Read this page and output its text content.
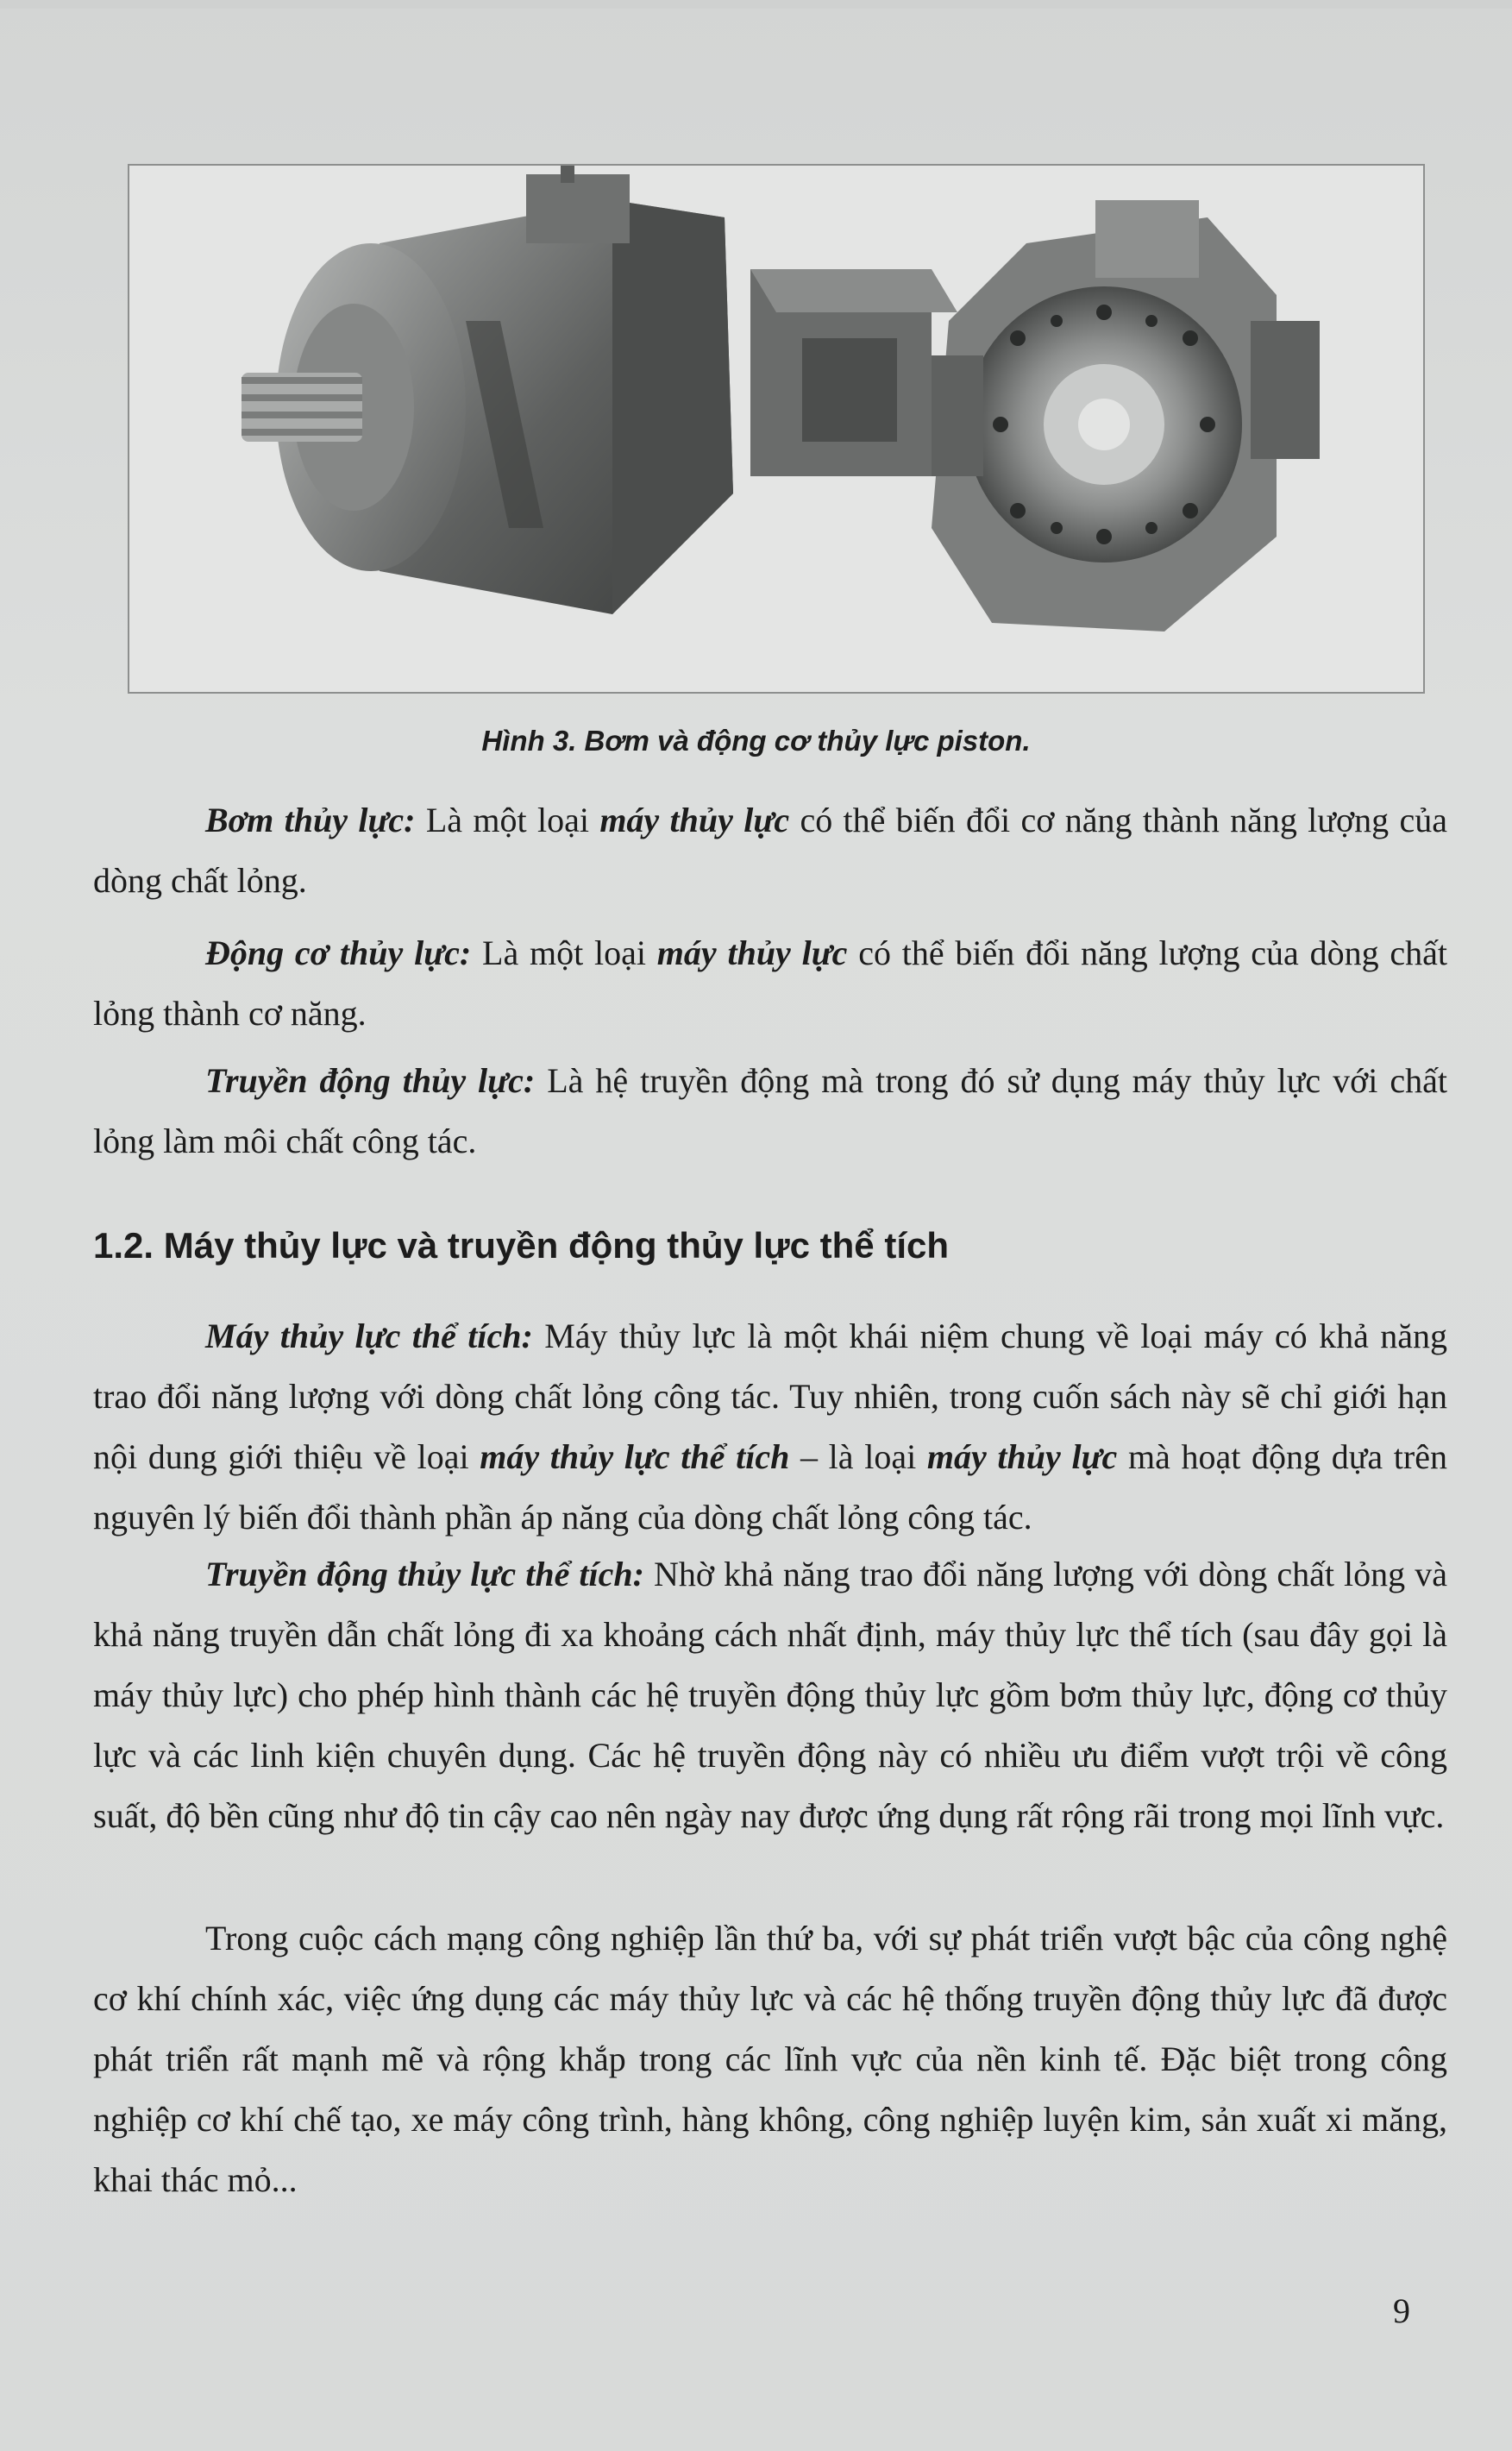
Hình 3. Bơm và động cơ thủy lực piston.
Bơm thủy lực: Là một loại máy thủy lực có thể biến đổi cơ năng thành năng lượng của dòng chất lỏng.
Động cơ thủy lực: Là một loại máy thủy lực có thể biến đổi năng lượng của dòng chất lỏng thành cơ năng.
Truyền động thủy lực: Là hệ truyền động mà trong đó sử dụng máy thủy lực với chất lỏng làm môi chất công tác.
1.2. Máy thủy lực và truyền động thủy lực thể tích
Máy thủy lực thể tích: Máy thủy lực là một khái niệm chung về loại máy có khả năng trao đổi năng lượng với dòng chất lỏng công tác. Tuy nhiên, trong cuốn sách này sẽ chỉ giới hạn nội dung giới thiệu về loại máy thủy lực thể tích – là loại máy thủy lực mà hoạt động dựa trên nguyên lý biến đổi thành phần áp năng của dòng chất lỏng công tác.
Truyền động thủy lực thể tích: Nhờ khả năng trao đổi năng lượng với dòng chất lỏng và khả năng truyền dẫn chất lỏng đi xa khoảng cách nhất định, máy thủy lực thể tích (sau đây gọi là máy thủy lực) cho phép hình thành các hệ truyền động thủy lực gồm bơm thủy lực, động cơ thủy lực và các linh kiện chuyên dụng. Các hệ truyền động này có nhiều ưu điểm vượt trội về công suất, độ bền cũng như độ tin cậy cao nên ngày nay được ứng dụng rất rộng rãi trong mọi lĩnh vực.
Trong cuộc cách mạng công nghiệp lần thứ ba, với sự phát triển vượt bậc của công nghệ cơ khí chính xác, việc ứng dụng các máy thủy lực và các hệ thống truyền động thủy lực đã được phát triển rất mạnh mẽ và rộng khắp trong các lĩnh vực của nền kinh tế. Đặc biệt trong công nghiệp cơ khí chế tạo, xe máy công trình, hàng không, công nghiệp luyện kim, sản xuất xi măng, khai thác mỏ...
9
